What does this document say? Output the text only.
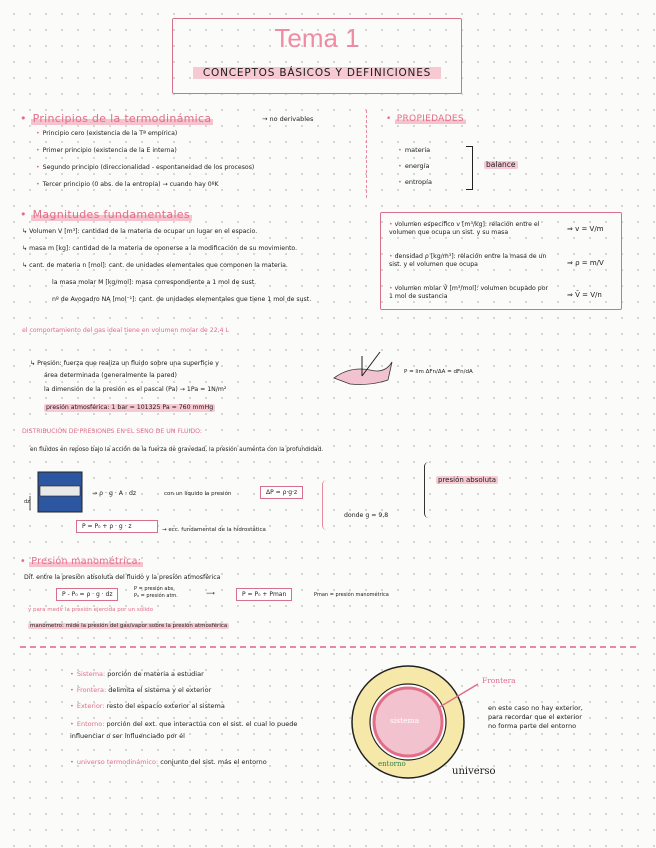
Tema 1
CONCEPTOS BÁSICOS Y DEFINICIONES
• Principios de la termodinámica	→ no derivables
• Principio cero (existencia de la Tª empírica)
• Primer principio (existencia de la E interna)
• Segundo principio (direccionalidad - espontaneidad de los procesos)
• Tercer principio (0 abs. de la entropía) → cuando hay 0ºK
• PROPIEDADES
• materia
• energía
• entropía
balance
• Magnitudes fundamentales
↳ Volumen V [m³]: cantidad de la materia de ocupar un lugar en el espacio.
↳ masa m [kg]: cantidad de la materia de oponerse a la modificación de su movimiento.
↳ cant. de materia n [mol]: cant. de unidades elementales que componen la materia.
la masa molar M [kg/mol]: masa correspondiente a 1 mol de sust.
nº de Avogadro NA [mol⁻¹]: cant. de unidades elementales que tiene 1 mol de sust.
el comportamiento del gas ideal tiene en volumen molar de 22,4 L
• volumen específico v [m³/kg]: relación entre el volumen que ocupa un sist. y su masa	⇒ v = V/m
• densidad ρ [kg/m³]: relación entre la masa de un sist. y el volumen que ocupa	⇒ ρ = m/V
• volumen molar V̄ [m³/mol]: volumen ocupado por 1 mol de sustancia	⇒ V̄ = V/n
↳ Presión: fuerza que realiza un fluido sobre una superficie y
área determinada (generalmente la pared)
la dimensión de la presión es el pascal (Pa) → 1Pa = 1N/m²
presión atmosférica: 1 bar = 101325 Pa = 760 mmHg
P = lim ΔFn/ΔA = dFn/dA
DISTRIBUCIÓN DE PRESIONES EN EL SENO DE UN FLUIDO:
en fluidos en reposo bajo la acción de la fuerza de gravedad, la presión aumenta con la profundidad.
dz
→ ρ · g · A · dz	con un líquido la presión	ΔP = ρ·g·z
P = P₀ + ρ · g · z	→ ecc. fundamental de la hidrostática
donde g ≈ 9,8
presión absoluta
• Presión manométrica:
Dif. entre la presión absoluta del fluido y la presión atmosférica
P - P₀ = ρ · g · dz
P = presión abs
P₀ = presión atm.	⟶	P = P₀ + Pman	Pman = presión manométrica
y para medir la presión ejercida por un sólido
manómetro: mide la presión del gas/vapor sobre la presión atmosférica
• Sistema: porción de materia a estudiar
• Frontera: delimita el sistema y el exterior
• Exterior: resto del espacio exterior al sistema
• Entorno: porción del ext. que interactúa con el sist. el cual lo puede influenciar o ser influenciado por él
• universo termodinámico: conjunto del sist. más el entorno
sistema
entorno
Frontera
en este caso no hay exterior, para recordar que el exterior no forma parte del entorno
universo
